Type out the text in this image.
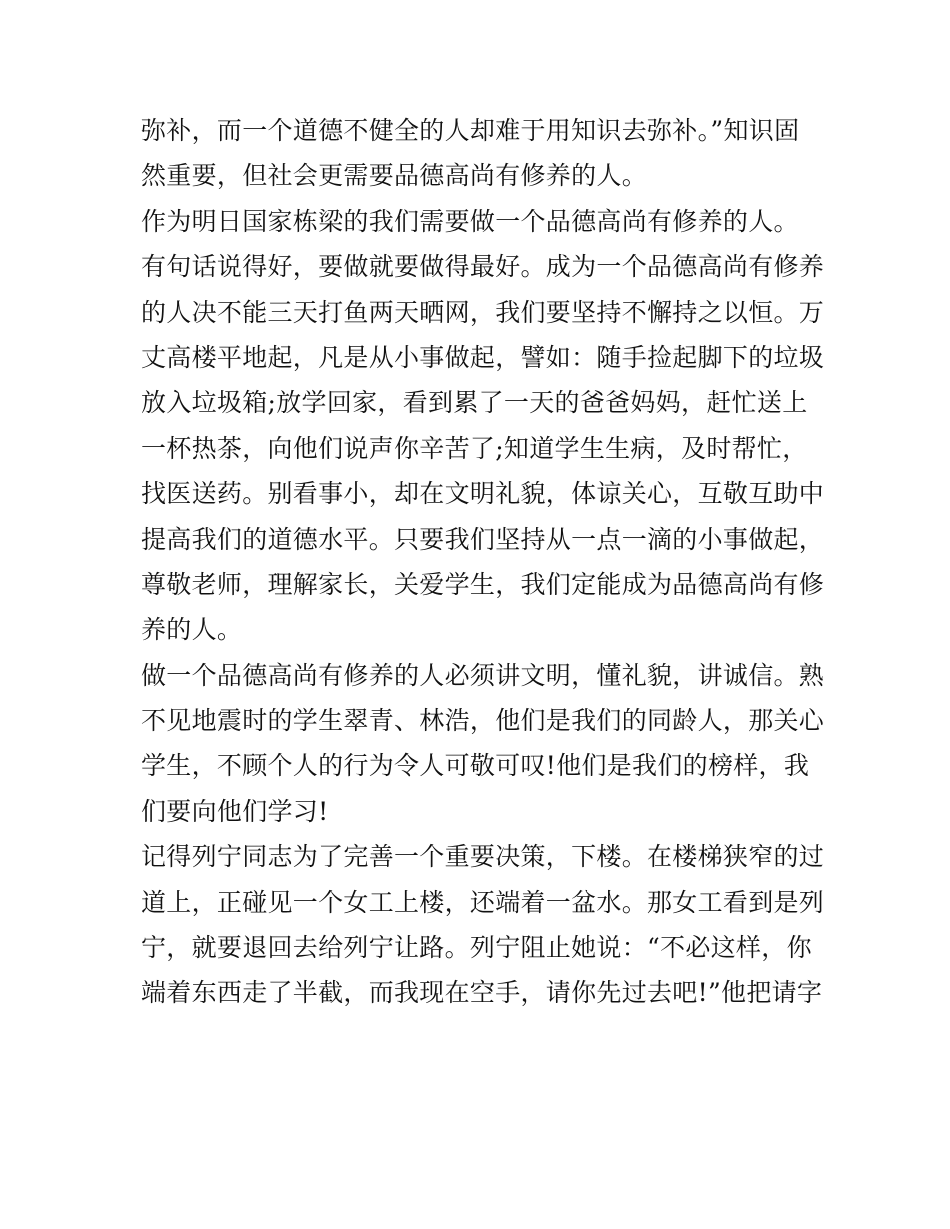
弥补，而一个道德不健全的人却难于用知识去弥补。”知识固
然重要，但社会更需要品德高尚有修养的人。
作为明日国家栋梁的我们需要做一个品德高尚有修养的人。
有句话说得好，要做就要做得最好。成为一个品德高尚有修养
的人决不能三天打鱼两天晒网，我们要坚持不懈持之以恒。万
丈高楼平地起，凡是从小事做起，譬如：随手捡起脚下的垃圾
放入垃圾箱;放学回家，看到累了一天的爸爸妈妈，赶忙送上
一杯热茶，向他们说声你辛苦了;知道学生生病，及时帮忙，
找医送药。别看事小，却在文明礼貌，体谅关心，互敬互助中
提高我们的道德水平。只要我们坚持从一点一滴的小事做起，
尊敬老师，理解家长，关爱学生，我们定能成为品德高尚有修
养的人。
做一个品德高尚有修养的人必须讲文明，懂礼貌，讲诚信。熟
不见地震时的学生翠青、林浩，他们是我们的同龄人，那关心
学生，不顾个人的行为令人可敬可叹!他们是我们的榜样，我
们要向他们学习!
记得列宁同志为了完善一个重要决策，下楼。在楼梯狭窄的过
道上，正碰见一个女工上楼，还端着一盆水。那女工看到是列
宁，就要退回去给列宁让路。列宁阻止她说：“不必这样，你
端着东西走了半截，而我现在空手，请你先过去吧!”他把请字
